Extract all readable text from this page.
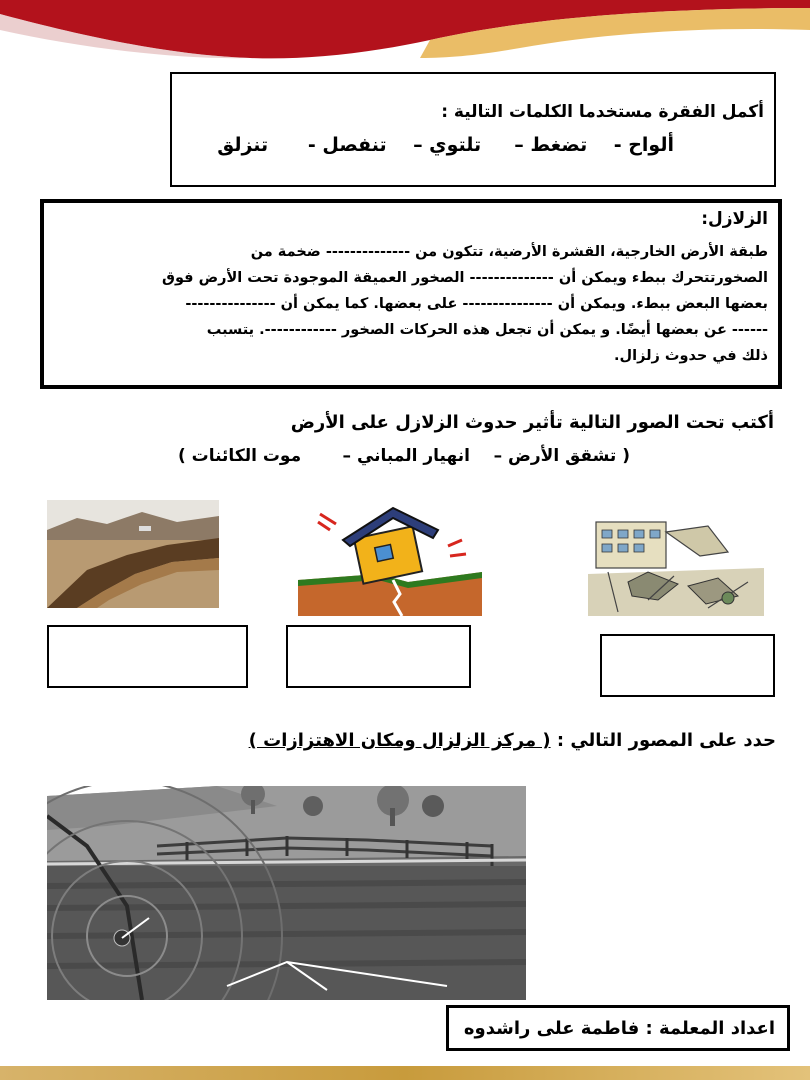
أكمل الفقرة مستخدما الكلمات التالية :
ألواح -    تضغط –     تلتوي –    تنفصل -      تنزلق
الزلازل:
طبقة الأرض الخارجية، القشرة الأرضية، تتكون من -------------- ضخمة من
الصخورتتحرك ببطء ويمكن أن -------------- الصخور العميقة الموجودة تحت الأرض فوق
بعضها البعض ببطء. ويمكن أن --------------- على بعضها. كما يمكن أن ---------------
------ عن بعضها أيضًا. و يمكن أن تجعل هذه الحركات الصخور ------------. يتسبب
ذلك في حدوث زلزال.
أكتب تحت الصور التالية تأثير حدوث الزلازل على الأرض
( تشقق الأرض –    انهيار المباني –       موت الكائنات )
حدد على المصور التالي : ( مركز الزلزال ومكان الاهتزازات )
اعداد المعلمة : فاطمة على راشدوه
